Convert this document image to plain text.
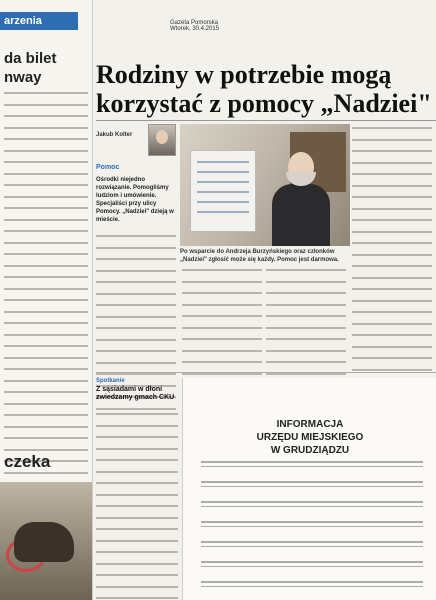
arzenia
da bilet
nway
czeka
Gazeta Pomorska
Wtorek, 30.4.2015
Rodziny w potrzebie mogą korzystać z pomocy „Nadziei"
Jakub Kolter
Pomoc
Ośrodki niejedno rozwiązanie. Pomogliśmy ludziom i umówienie. Specjaliści przy ulicy Pomocy. „Nadziei" dzieją w mieście.
Po wsparcie do Andrzeja Burzyńskiego oraz członków „Nadziei" zgłosić może się każdy. Pomoc jest darmowa.
Spotkanie
Z sąsiadami w dłoni zwiedzamy gmach CKU
INFORMACJA
URZĘDU MIEJSKIEGO
W GRUDZIĄDZU
